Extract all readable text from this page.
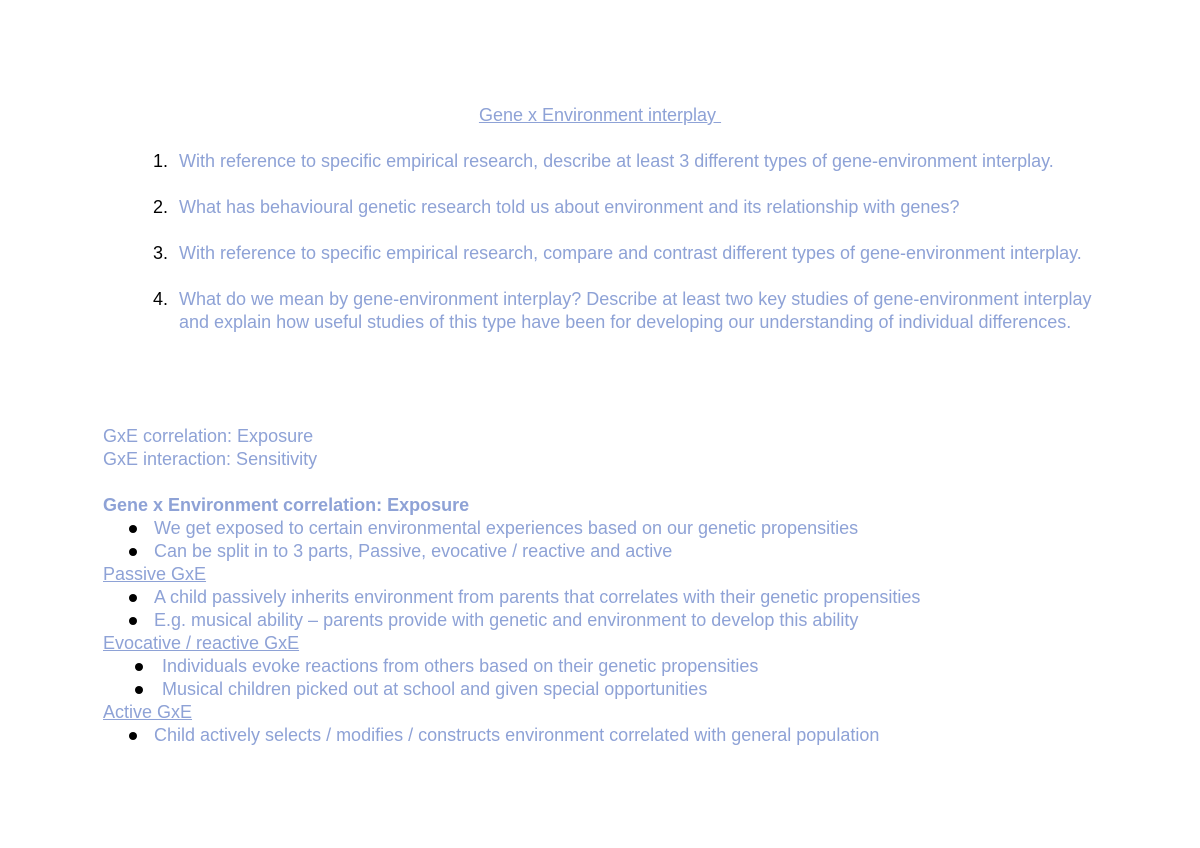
Gene x Environment interplay
1. With reference to specific empirical research, describe at least 3 different types of gene-environment interplay.
2. What has behavioural genetic research told us about environment and its relationship with genes?
3. With reference to specific empirical research, compare and contrast different types of gene-environment interplay.
4. What do we mean by gene-environment interplay? Describe at least two key studies of gene-environment interplay and explain how useful studies of this type have been for developing our understanding of individual differences.
GxE correlation: Exposure
GxE interaction: Sensitivity
Gene x Environment correlation: Exposure
We get exposed to certain environmental experiences based on our genetic propensities
Can be split in to 3 parts, Passive, evocative / reactive and active
Passive GxE
A child passively inherits environment from parents that correlates with their genetic propensities
E.g. musical ability – parents provide with genetic and environment to develop this ability
Evocative / reactive GxE
Individuals evoke reactions from others based on their genetic propensities
Musical children picked out at school and given special opportunities
Active GxE
Child actively selects / modifies / constructs environment correlated with general population
